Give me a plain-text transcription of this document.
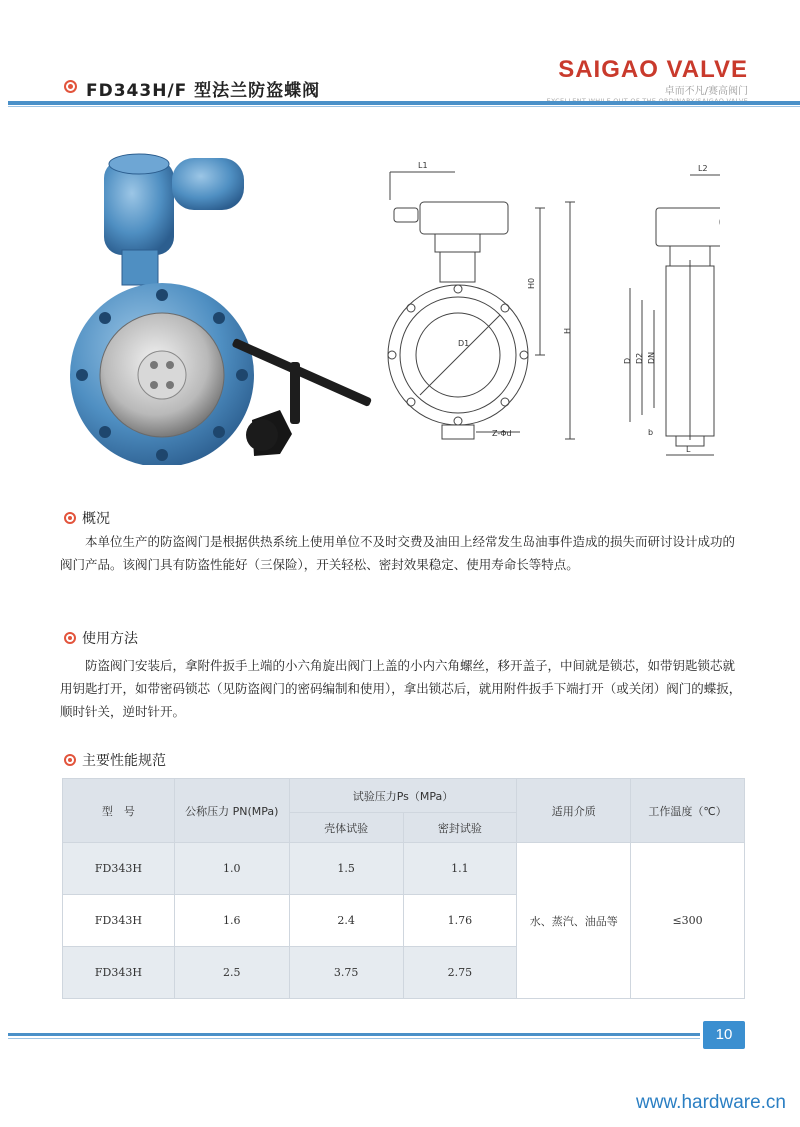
FD343H/F 型法兰防盗蝶阀
SAIGAO VALVE
卓而不凡/赛高阀门
L1
D1
H0
H
Z-Φd
L2
D D2 DN
b
L
概况
本单位生产的防盗阀门是根据供热系统上使用单位不及时交费及油田上经常发生岛油事件造成的损失而研讨设计成功的阀门产品。该阀门具有防盗性能好（三保险），开关轻松、密封效果稳定、使用寿命长等特点。
使用方法
防盗阀门安装后，拿附件扳手上端的小六角旋出阀门上盖的小内六角螺丝，移开盖子，中间就是锁芯，如带钥匙锁芯就用钥匙打开，如带密码锁芯（见防盗阀门的密码编制和使用），拿出锁芯后，就用附件扳手下端打开（或关闭）阀门的蝶扳，顺时针关，逆时针开。
主要性能规范
型　号	公称压力 PN(MPa)	试验压力Ps（MPa）		适用介质	工作温度（℃）
		壳体试验	密封试验		
FD343H	1.0	1.5	1.1	水、蒸汽、油品等	≤300
FD343H	1.6	2.4	1.76		
FD343H	2.5	3.75	2.75		
10
www.hardware.cn
